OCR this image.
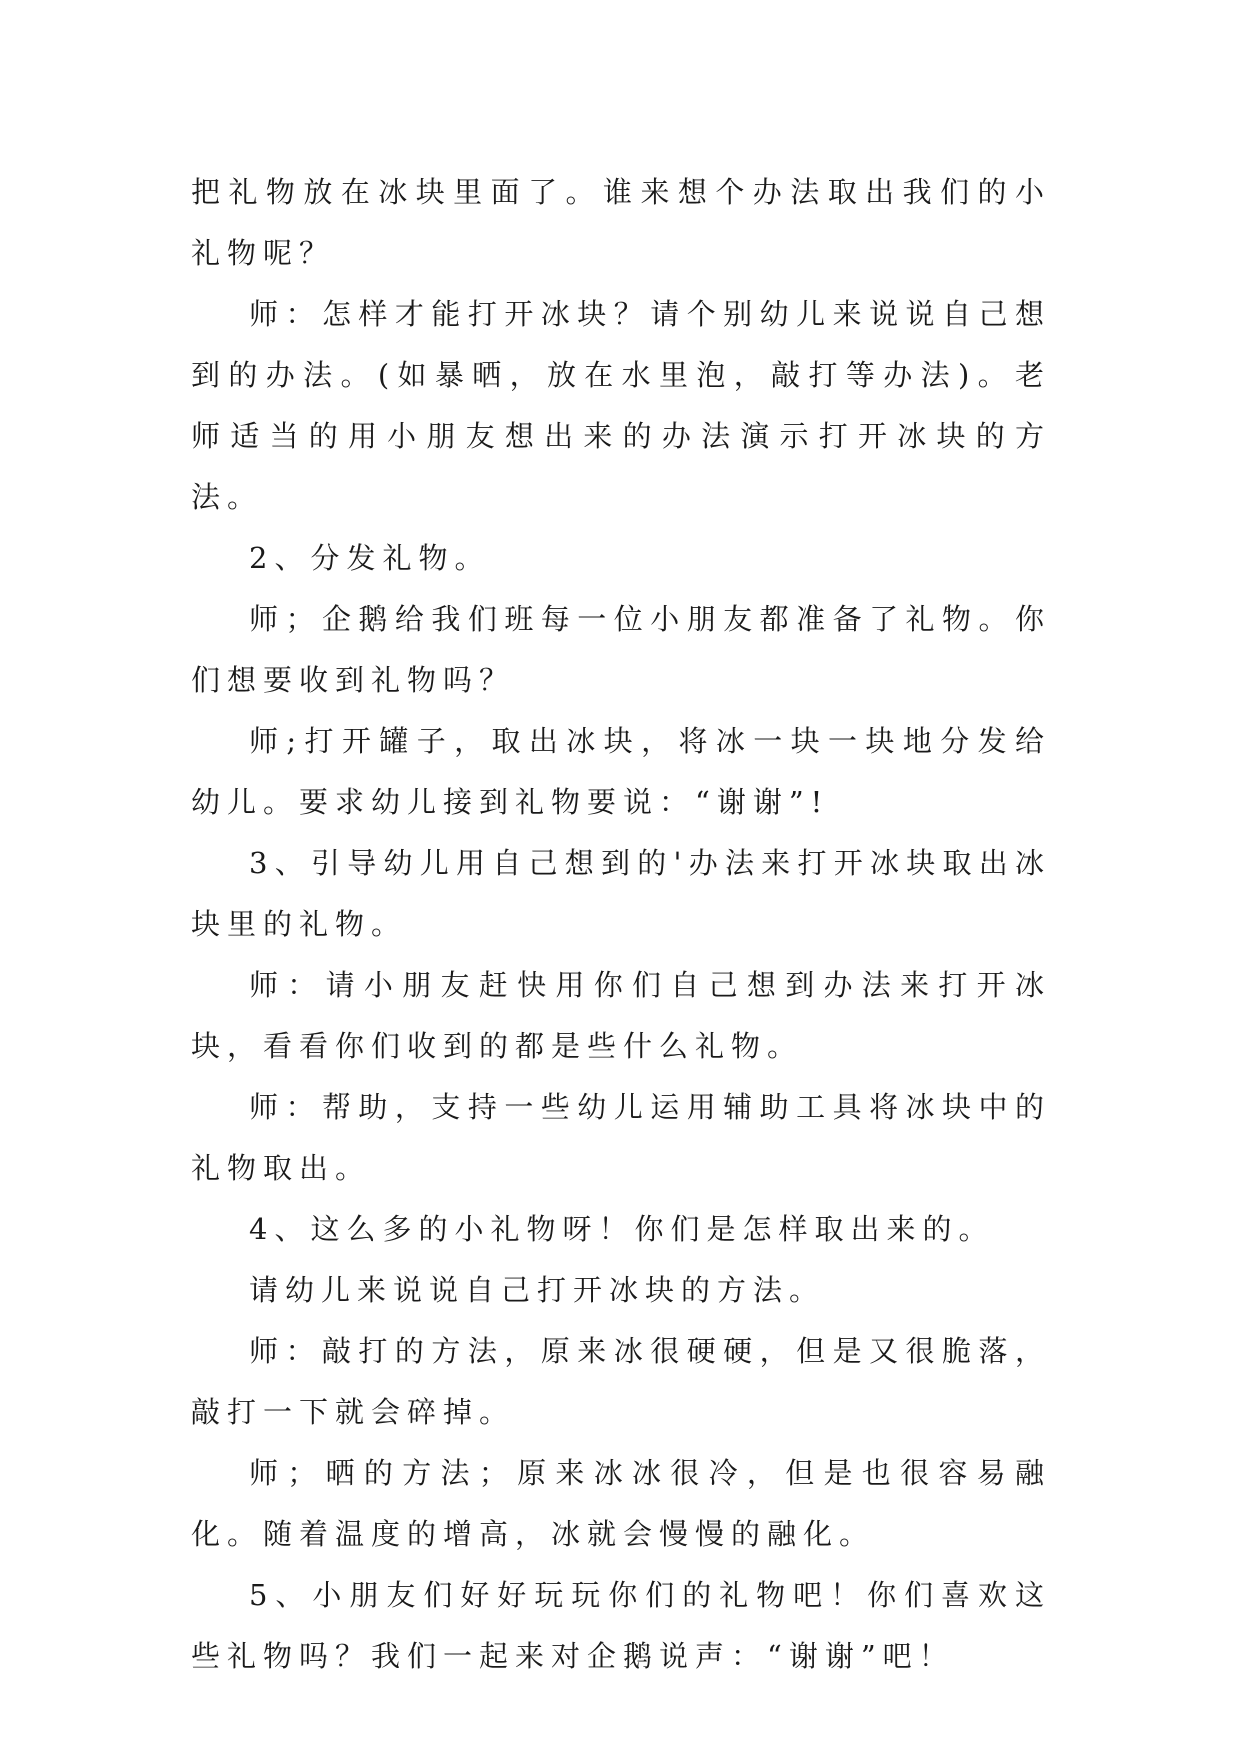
把礼物放在冰块里面了。谁来想个办法取出我们的小礼物呢？

师：怎样才能打开冰块？请个别幼儿来说说自己想到的办法。(如暴晒，放在水里泡，敲打等办法)。老师适当的用小朋友想出来的办法演示打开冰块的方法。

2、分发礼物。

师；企鹅给我们班每一位小朋友都准备了礼物。你们想要收到礼物吗？

师;打开罐子，取出冰块，将冰一块一块地分发给幼儿。要求幼儿接到礼物要说：“谢谢”!

3、引导幼儿用自己想到的'办法来打开冰块取出冰块里的礼物。

师：请小朋友赶快用你们自己想到办法来打开冰块，看看你们收到的都是些什么礼物。

师：帮助，支持一些幼儿运用辅助工具将冰块中的礼物取出。

4、这么多的小礼物呀！你们是怎样取出来的。

请幼儿来说说自己打开冰块的方法。

师：敲打的方法，原来冰很硬硬，但是又很脆落，敲打一下就会碎掉。

师；晒的方法；原来冰冰很冷，但是也很容易融化。随着温度的增高，冰就会慢慢的融化。

5、小朋友们好好玩玩你们的礼物吧！你们喜欢这些礼物吗？我们一起来对企鹅说声：“谢谢”吧！
